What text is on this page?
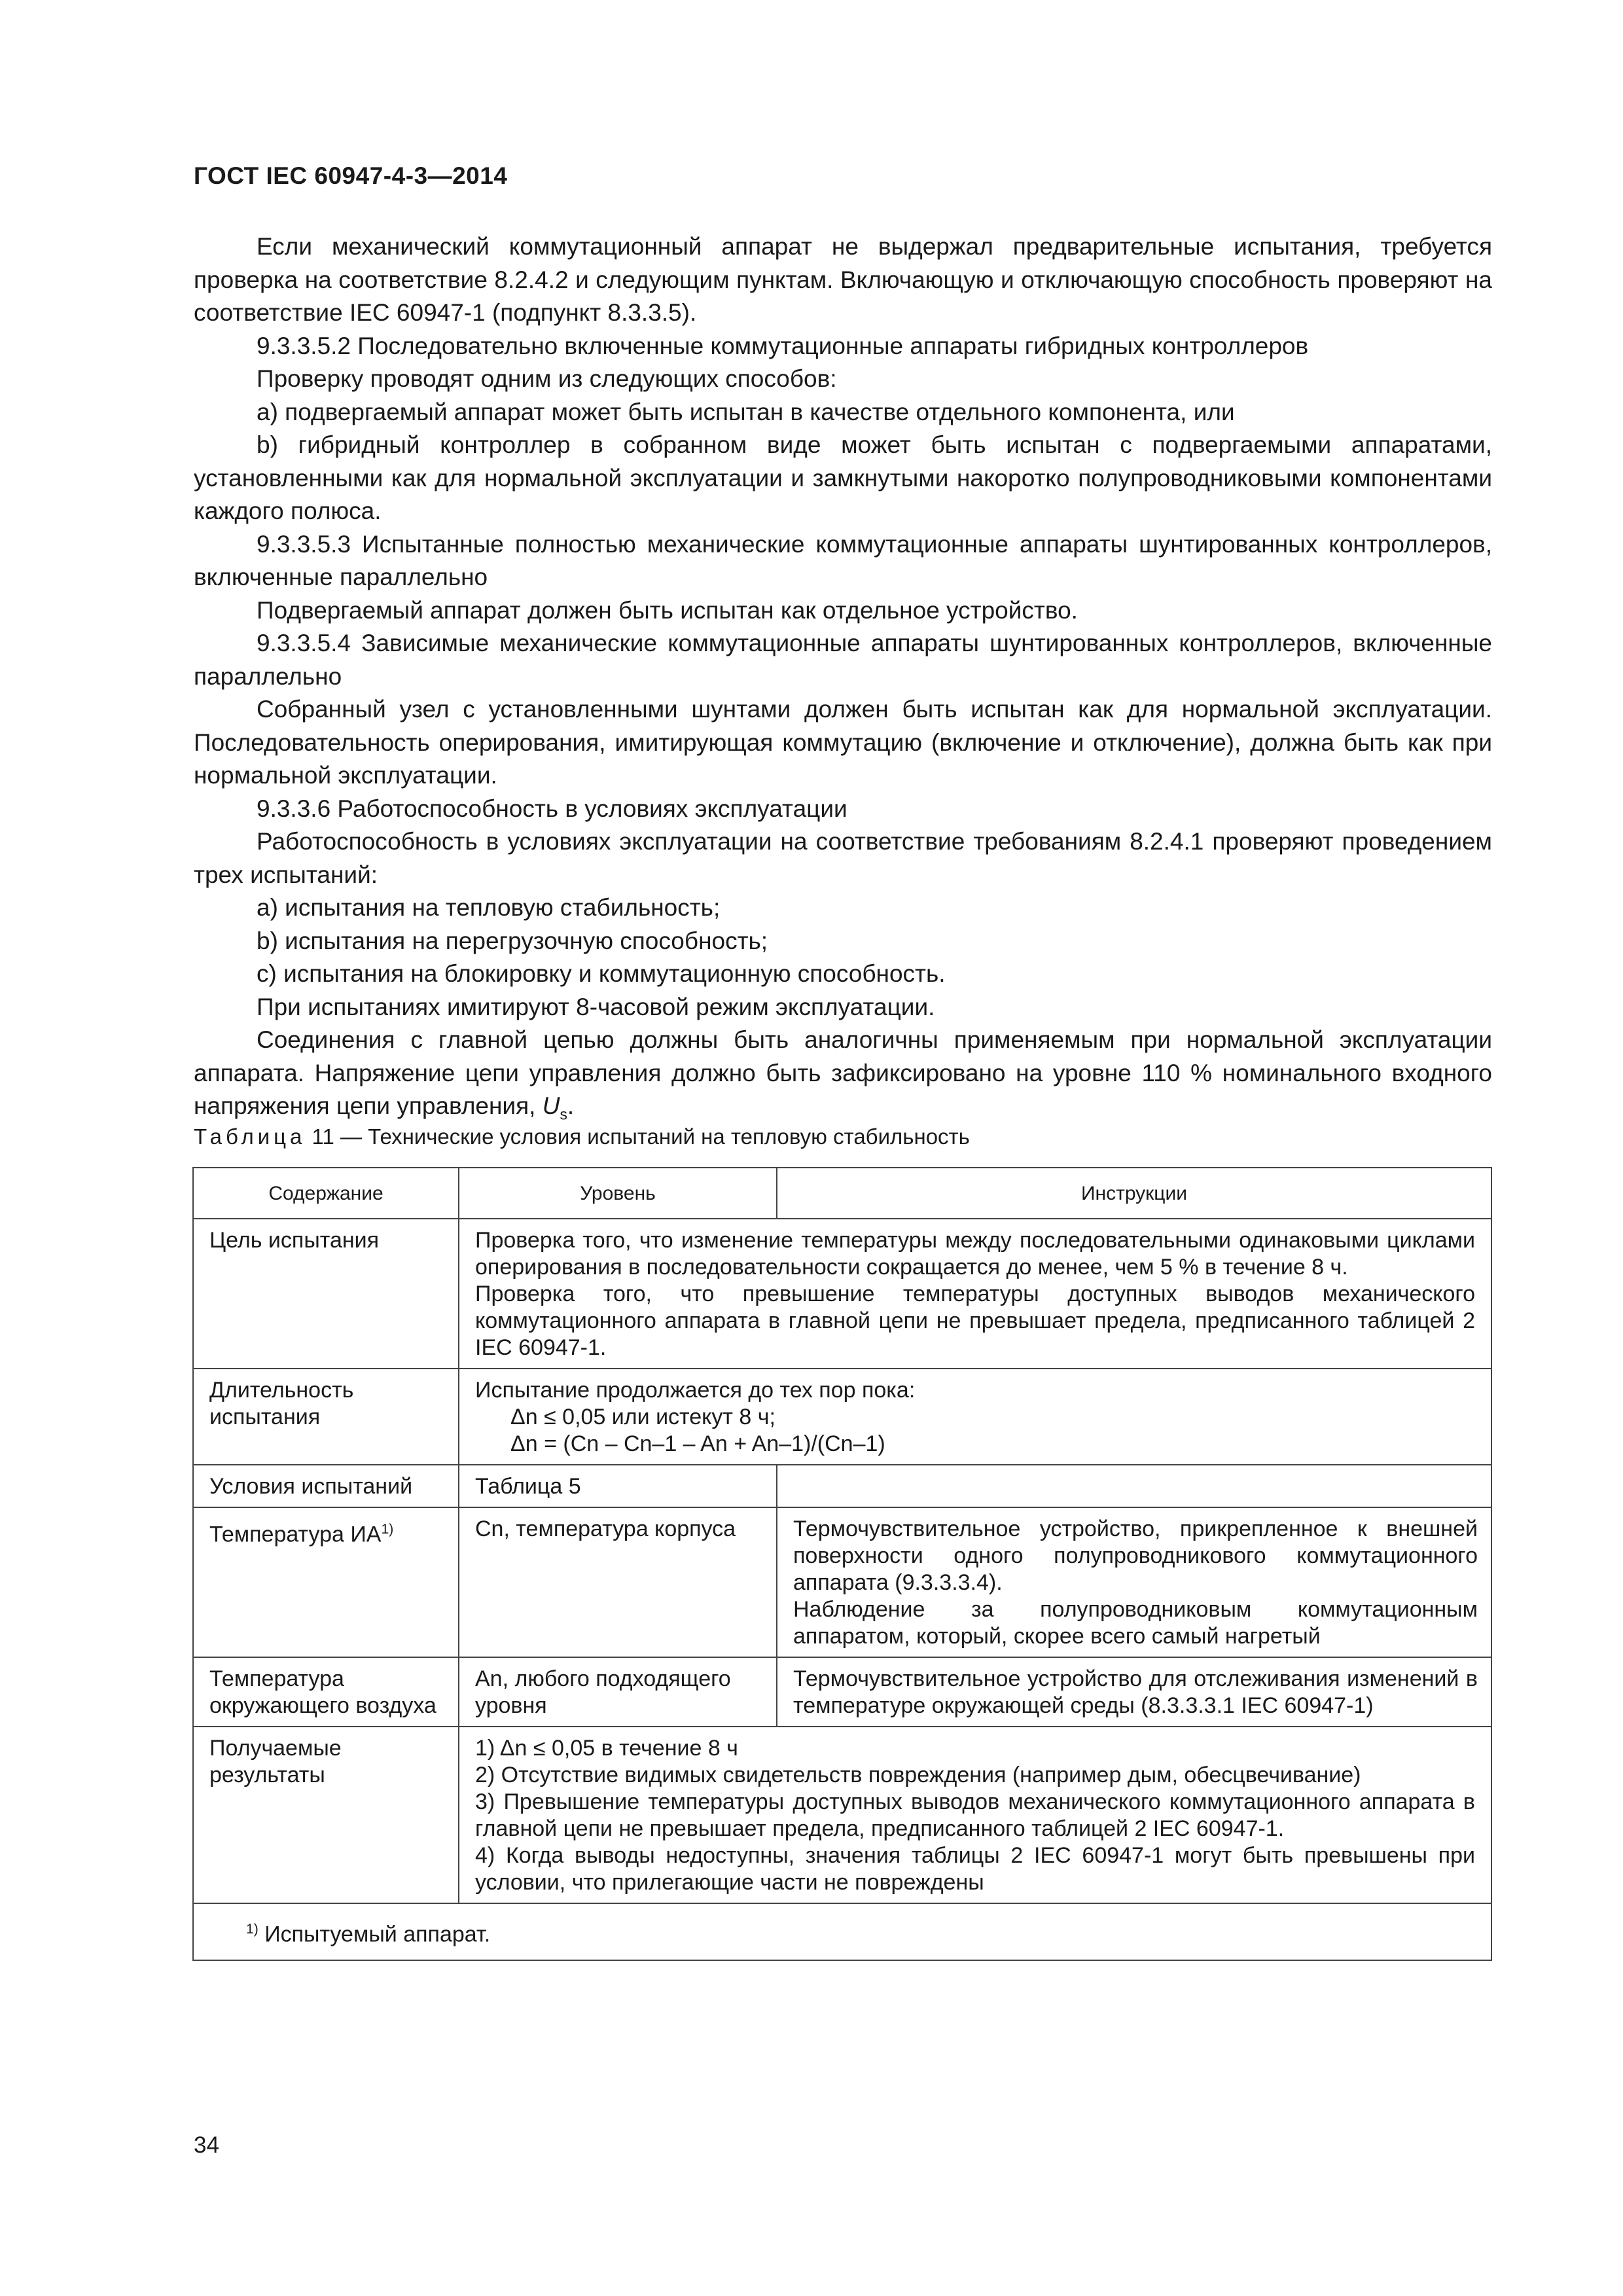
ГОСТ IEC 60947-4-3—2014

Если механический коммутационный аппарат не выдержал предварительные испытания, требуется проверка на соответствие 8.2.4.2 и следующим пунктам. Включающую и отключающую способность проверяют на соответствие IEC 60947-1 (подпункт 8.3.3.5).

9.3.3.5.2 Последовательно включенные коммутационные аппараты гибридных контроллеров

Проверку проводят одним из следующих способов:

a) подвергаемый аппарат может быть испытан в качестве отдельного компонента, или

b) гибридный контроллер в собранном виде может быть испытан с подвергаемыми аппаратами, установленными как для нормальной эксплуатации и замкнутыми накоротко полупроводниковыми компонентами каждого полюса.

9.3.3.5.3 Испытанные полностью механические коммутационные аппараты шунтированных контроллеров, включенные параллельно

Подвергаемый аппарат должен быть испытан как отдельное устройство.

9.3.3.5.4 Зависимые механические коммутационные аппараты шунтированных контроллеров, включенные параллельно

Собранный узел с установленными шунтами должен быть испытан как для нормальной эксплуатации. Последовательность оперирования, имитирующая коммутацию (включение и отключение), должна быть как при нормальной эксплуатации.

9.3.3.6 Работоспособность в условиях эксплуатации

Работоспособность в условиях эксплуатации на соответствие требованиям 8.2.4.1 проверяют проведением трех испытаний:

a) испытания на тепловую стабильность;

b) испытания на перегрузочную способность;

c) испытания на блокировку и коммутационную способность.

При испытаниях имитируют 8-часовой режим эксплуатации.

Соединения с главной цепью должны быть аналогичны применяемым при нормальной эксплуатации аппарата. Напряжение цепи управления должно быть зафиксировано на уровне 110 % номинального входного напряжения цепи управления, $U_s$.

Таблица 11 — Технические условия испытаний на тепловую стабильность
Содержание	Уровень	Инструкции
Цель испытания	Проверка того, что изменение температуры между последовательными одинаковыми циклами оперирования в последовательности сокращается до менее, чем 5 % в течение 8 ч.
Проверка того, что превышение температуры доступных выводов механического коммутационного аппарата в главной цепи не превышает предела, предписанного таблицей 2 IEC 60947-1.	

Длительность испытания	Испытание продолжается до тех пор пока:
Δn ≤ 0,05 или истекут 8 ч;
Δn = (Cn – Cn–1 – An + An–1)/(Cn–1)	

Условия испытаний	Таблица 5	
Температура ИА$^{1)}$	Cn, температура корпуса	Термочувствительное устройство, прикрепленное к внешней поверхности одного полупроводникового коммутационного аппарата (9.3.3.3.4).
Наблюдение за полупроводниковым коммутационным аппаратом, который, скорее всего самый нагретый

Температура окружающего воздуха	An, любого подходящего уровня	Термочувствительное устройство для отслеживания изменений в температуре окружающей среды (8.3.3.3.1 IEC 60947-1)
Получаемые результаты	1) Δn ≤ 0,05 в течение 8 ч
2) Отсутствие видимых свидетельств повреждения (например дым, обесцвечивание)
3) Превышение температуры доступных выводов механического коммутационного аппарата в главной цепи не превышает предела, предписанного таблицей 2 IEC 60947-1.
4) Когда выводы недоступны, значения таблицы 2 IEC 60947-1 могут быть превышены при условии, что прилегающие части не повреждены	

$^{1)}$ Испытуемый аппарат.		
34
